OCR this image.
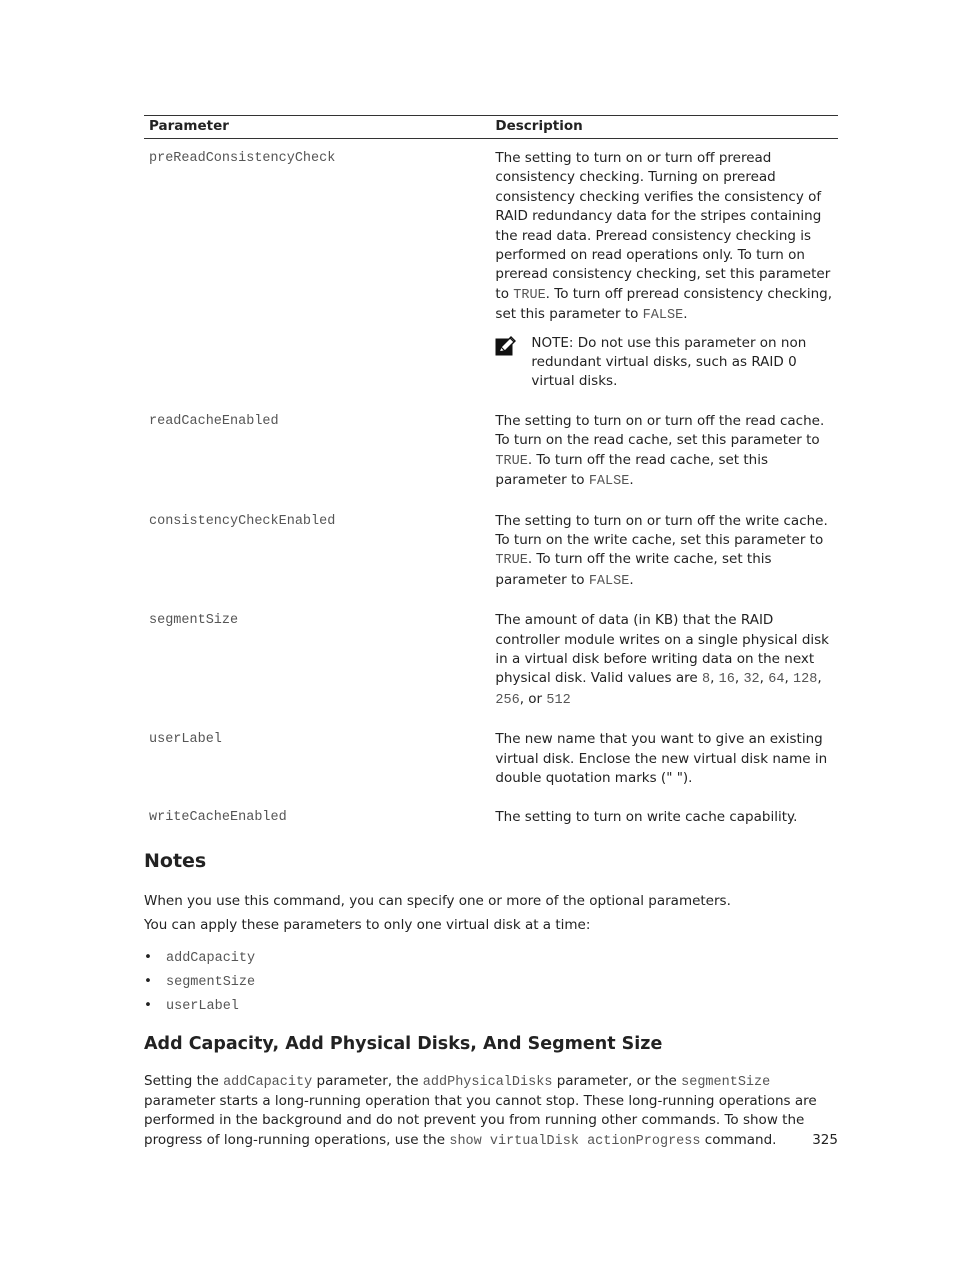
Parameter	Description
preReadConsistencyCheck	The setting to turn on or turn off preread consistency checking. Turning on preread consistency checking verifies the consistency of RAID redundancy data for the stripes containing the read data. Preread consistency checking is performed on read operations only. To turn on preread consistency checking, set this parameter to TRUE. To turn off preread consistency checking, set this parameter to FALSE.
NOTE: Do not use this parameter on non redundant virtual disks, such as RAID 0 virtual disks.

readCacheEnabled	The setting to turn on or turn off the read cache. To turn on the read cache, set this parameter to TRUE. To turn off the read cache, set this parameter to FALSE.

consistencyCheckEnabled	The setting to turn on or turn off the write cache. To turn on the write cache, set this parameter to TRUE. To turn off the write cache, set this parameter to FALSE.

segmentSize	The amount of data (in KB) that the RAID controller module writes on a single physical disk in a virtual disk before writing data on the next physical disk. Valid values are 8, 16, 32, 64, 128, 256, or 512

userLabel	The new name that you want to give an existing virtual disk. Enclose the new virtual disk name in double quotation marks (" ").

writeCacheEnabled	The setting to turn on write cache capability.
Notes

When you use this command, you can specify one or more of the optional parameters.

You can apply these parameters to only one virtual disk at a time:

• addCapacity
• segmentSize
• userLabel
Add Capacity, Add Physical Disks, And Segment Size

Setting the addCapacity parameter, the addPhysicalDisks parameter, or the segmentSize parameter starts a long-running operation that you cannot stop. These long-running operations are performed in the background and do not prevent you from running other commands. To show the progress of long-running operations, use the show virtualDisk actionProgress command.	325
